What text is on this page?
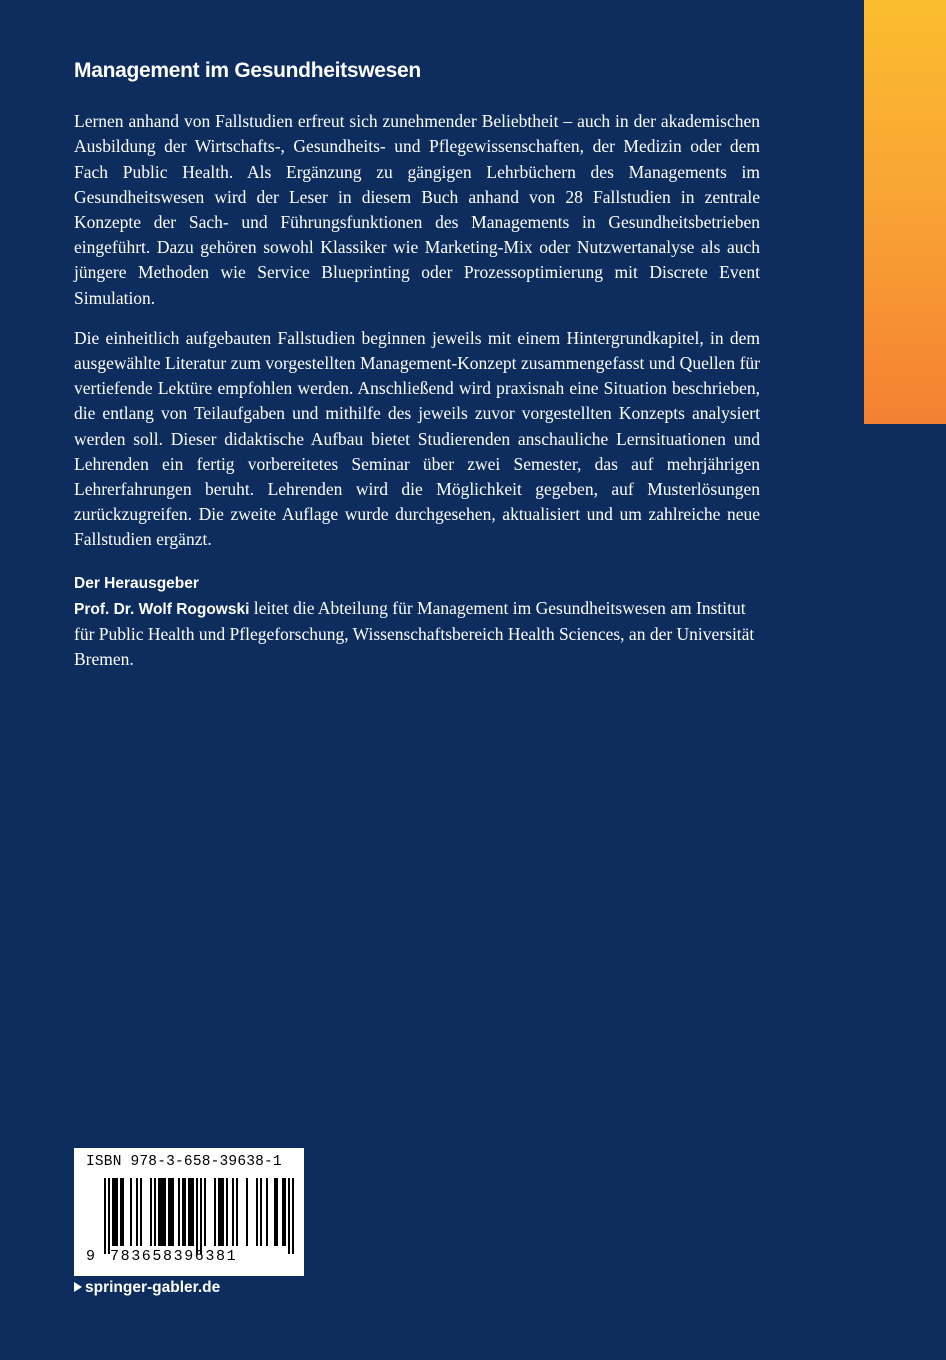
Management im Gesundheitswesen

Lernen anhand von Fallstudien erfreut sich zunehmender Beliebtheit – auch in der akademischen Ausbildung der Wirtschafts-, Gesundheits- und Pflegewissenschaften, der Medizin oder dem Fach Public Health. Als Ergänzung zu gängigen Lehrbüchern des Managements im Gesundheitswesen wird der Leser in diesem Buch anhand von 28 Fallstudien in zentrale Konzepte der Sach- und Führungsfunktionen des Managements in Gesundheitsbetrieben eingeführt. Dazu gehören sowohl Klassiker wie Marketing-Mix oder Nutzwertanalyse als auch jüngere Methoden wie Service Blueprinting oder Prozessoptimierung mit Discrete Event Simulation.

Die einheitlich aufgebauten Fallstudien beginnen jeweils mit einem Hintergrundkapitel, in dem ausgewählte Literatur zum vorgestellten Management-Konzept zusammengefasst und Quellen für vertiefende Lektüre empfohlen werden. Anschließend wird praxisnah eine Situation beschrieben, die entlang von Teilaufgaben und mithilfe des jeweils zuvor vorgestellten Konzepts analysiert werden soll. Dieser didaktische Aufbau bietet Studierenden anschauliche Lernsituationen und Lehrenden ein fertig vorbereitetes Seminar über zwei Semester, das auf mehrjährigen Lehrerfahrungen beruht. Lehrenden wird die Möglichkeit gegeben, auf Musterlösungen zurückzugreifen. Die zweite Auflage wurde durchgesehen, aktualisiert und um zahlreiche neue Fallstudien ergänzt.

Der Herausgeber

Prof. Dr. Wolf Rogowski leitet die Abteilung für Management im Gesundheitswesen am Institut für Public Health und Pflegeforschung, Wissenschaftsbereich Health Sciences, an der Universität Bremen.

ISBN 978-3-658-39638-1
9 783658396381
springer-gabler.de
